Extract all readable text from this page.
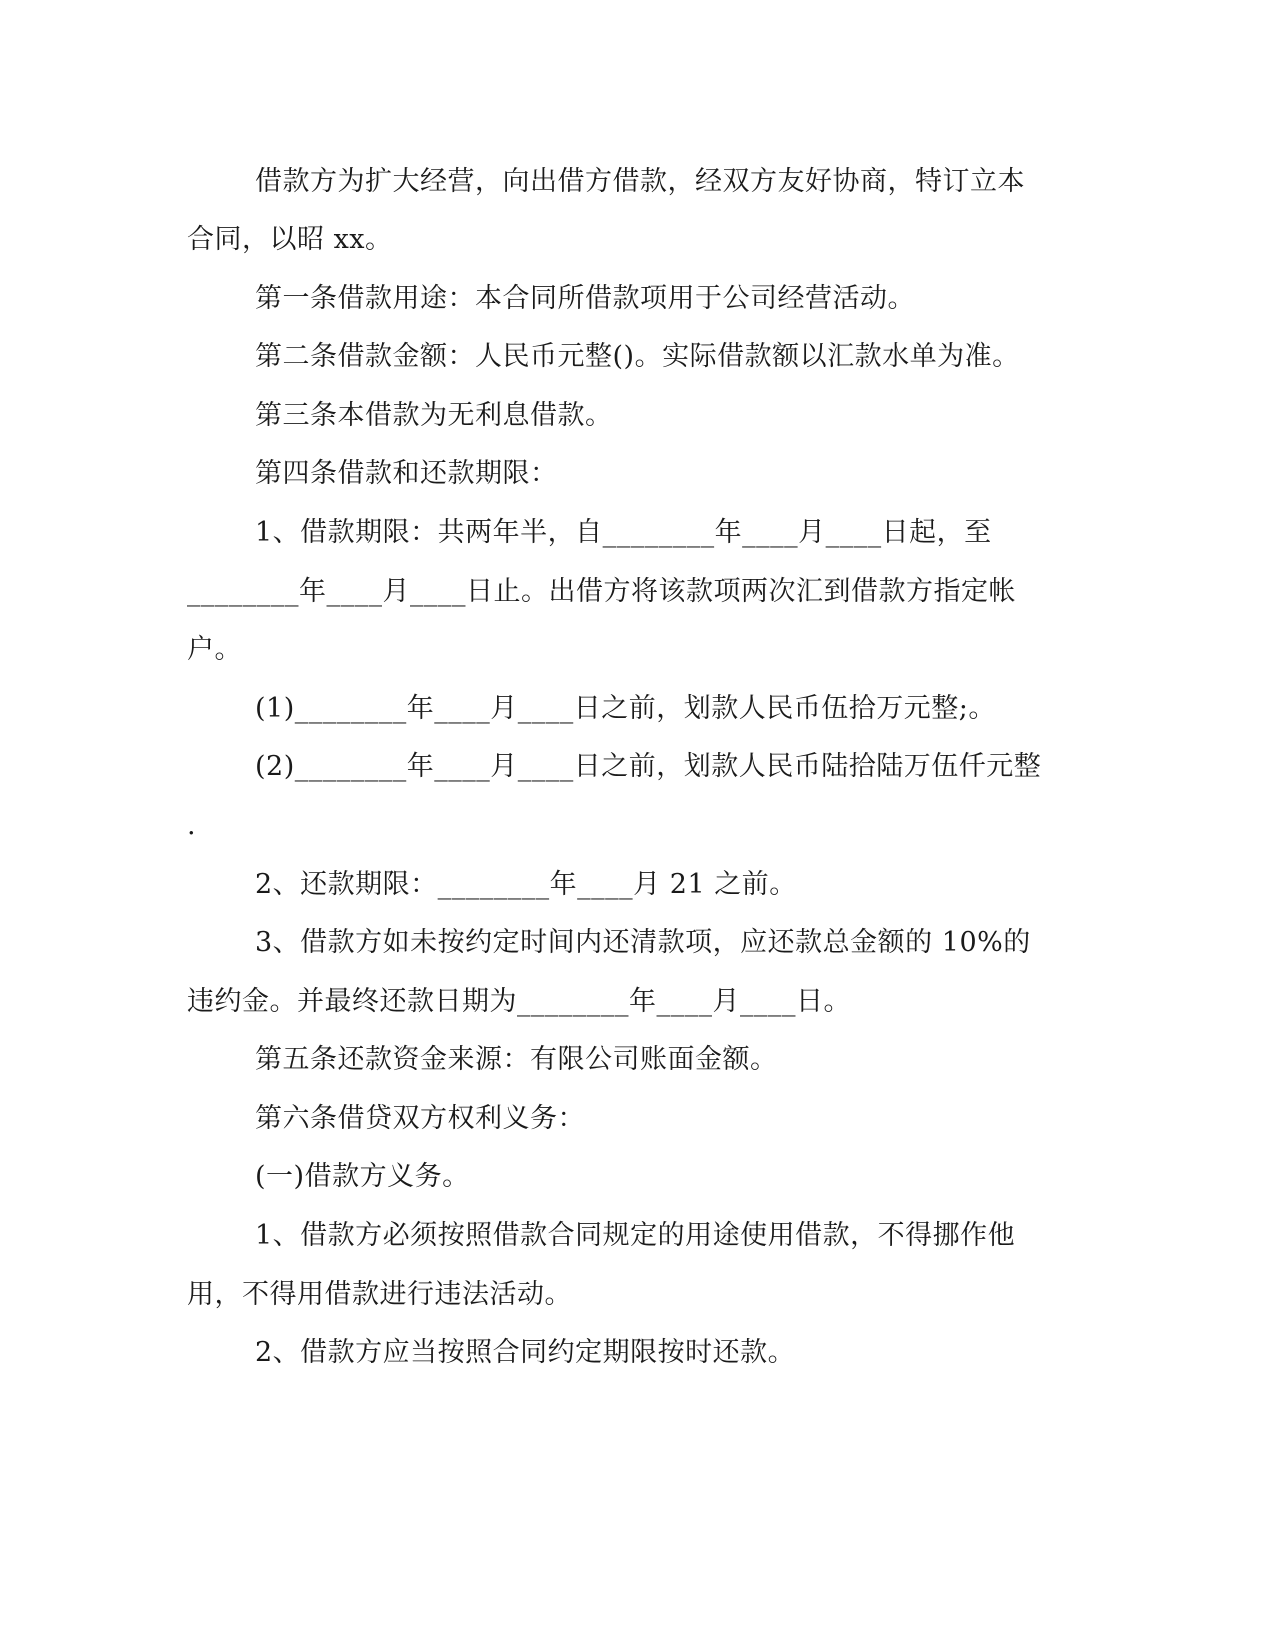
借款方为扩大经营，向出借方借款，经双方友好协商，特订立本
合同，以昭 xx。
第一条借款用途：本合同所借款项用于公司经营活动。
第二条借款金额：人民币元整()。实际借款额以汇款水单为准。
第三条本借款为无利息借款。
第四条借款和还款期限：
1、借款期限：共两年半，自________年____月____日起，至
________年____月____日止。出借方将该款项两次汇到借款方指定帐
户。
(1)________年____月____日之前，划款人民币伍拾万元整;。
(2)________年____月____日之前，划款人民币陆拾陆万伍仟元整
.
2、还款期限：________年____月 21 之前。
3、借款方如未按约定时间内还清款项，应还款总金额的 10%的
违约金。并最终还款日期为________年____月____日。
第五条还款资金来源：有限公司账面金额。
第六条借贷双方权利义务：
(一)借款方义务。
1、借款方必须按照借款合同规定的用途使用借款，不得挪作他
用，不得用借款进行违法活动。
2、借款方应当按照合同约定期限按时还款。
